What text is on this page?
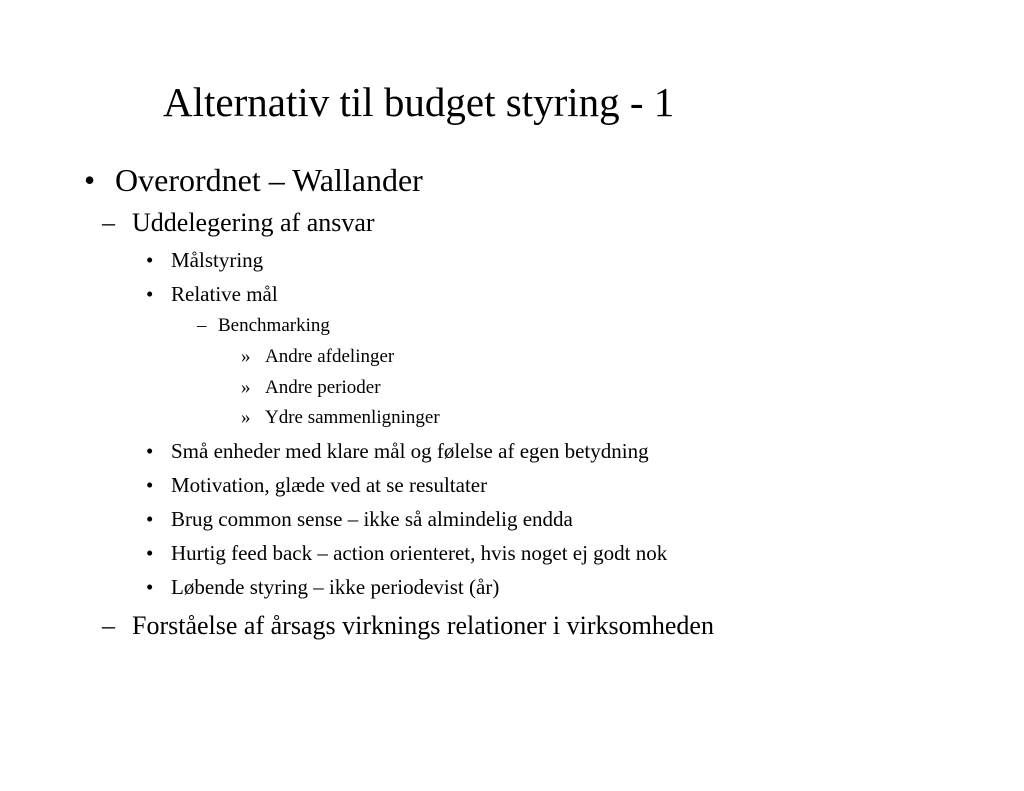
Alternativ til budget styring - 1
• Overordnet – Wallander
– Uddelegering af ansvar
• Målstyring
• Relative mål
– Benchmarking
» Andre afdelinger
» Andre perioder
» Ydre sammenligninger
• Små enheder med klare mål og følelse af egen betydning
• Motivation, glæde ved at se resultater
• Brug common sense – ikke så almindelig endda
• Hurtig feed back – action orienteret, hvis noget ej godt nok
• Løbende styring – ikke periodevist (år)
– Forståelse af årsags virknings relationer i virksomheden
